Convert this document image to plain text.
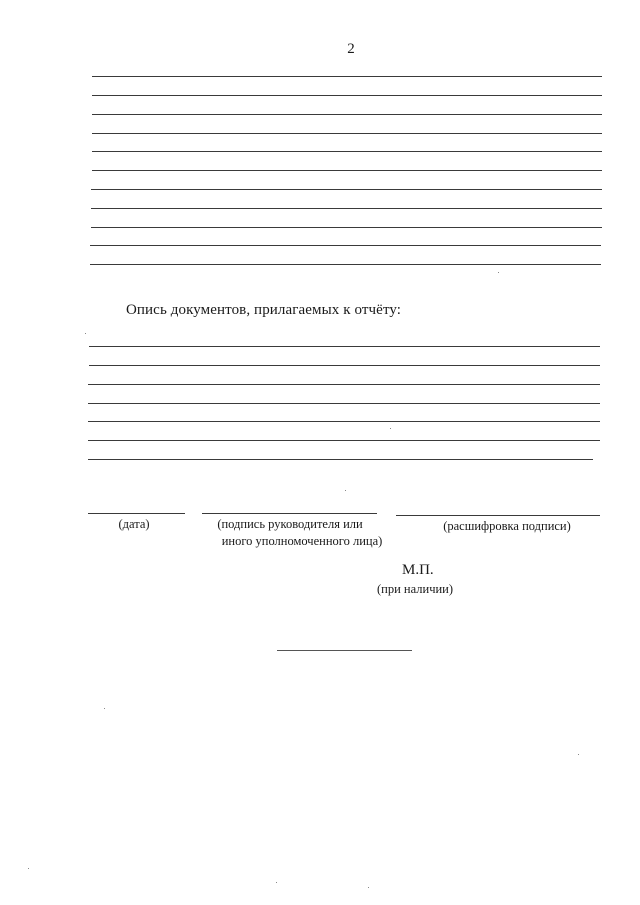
2
Опись документов, прилагаемых к отчёту:
(дата)	(подпись руководителя или
иного уполномоченного лица)
(расшифровка подписи)
М.П.
(при наличии)
